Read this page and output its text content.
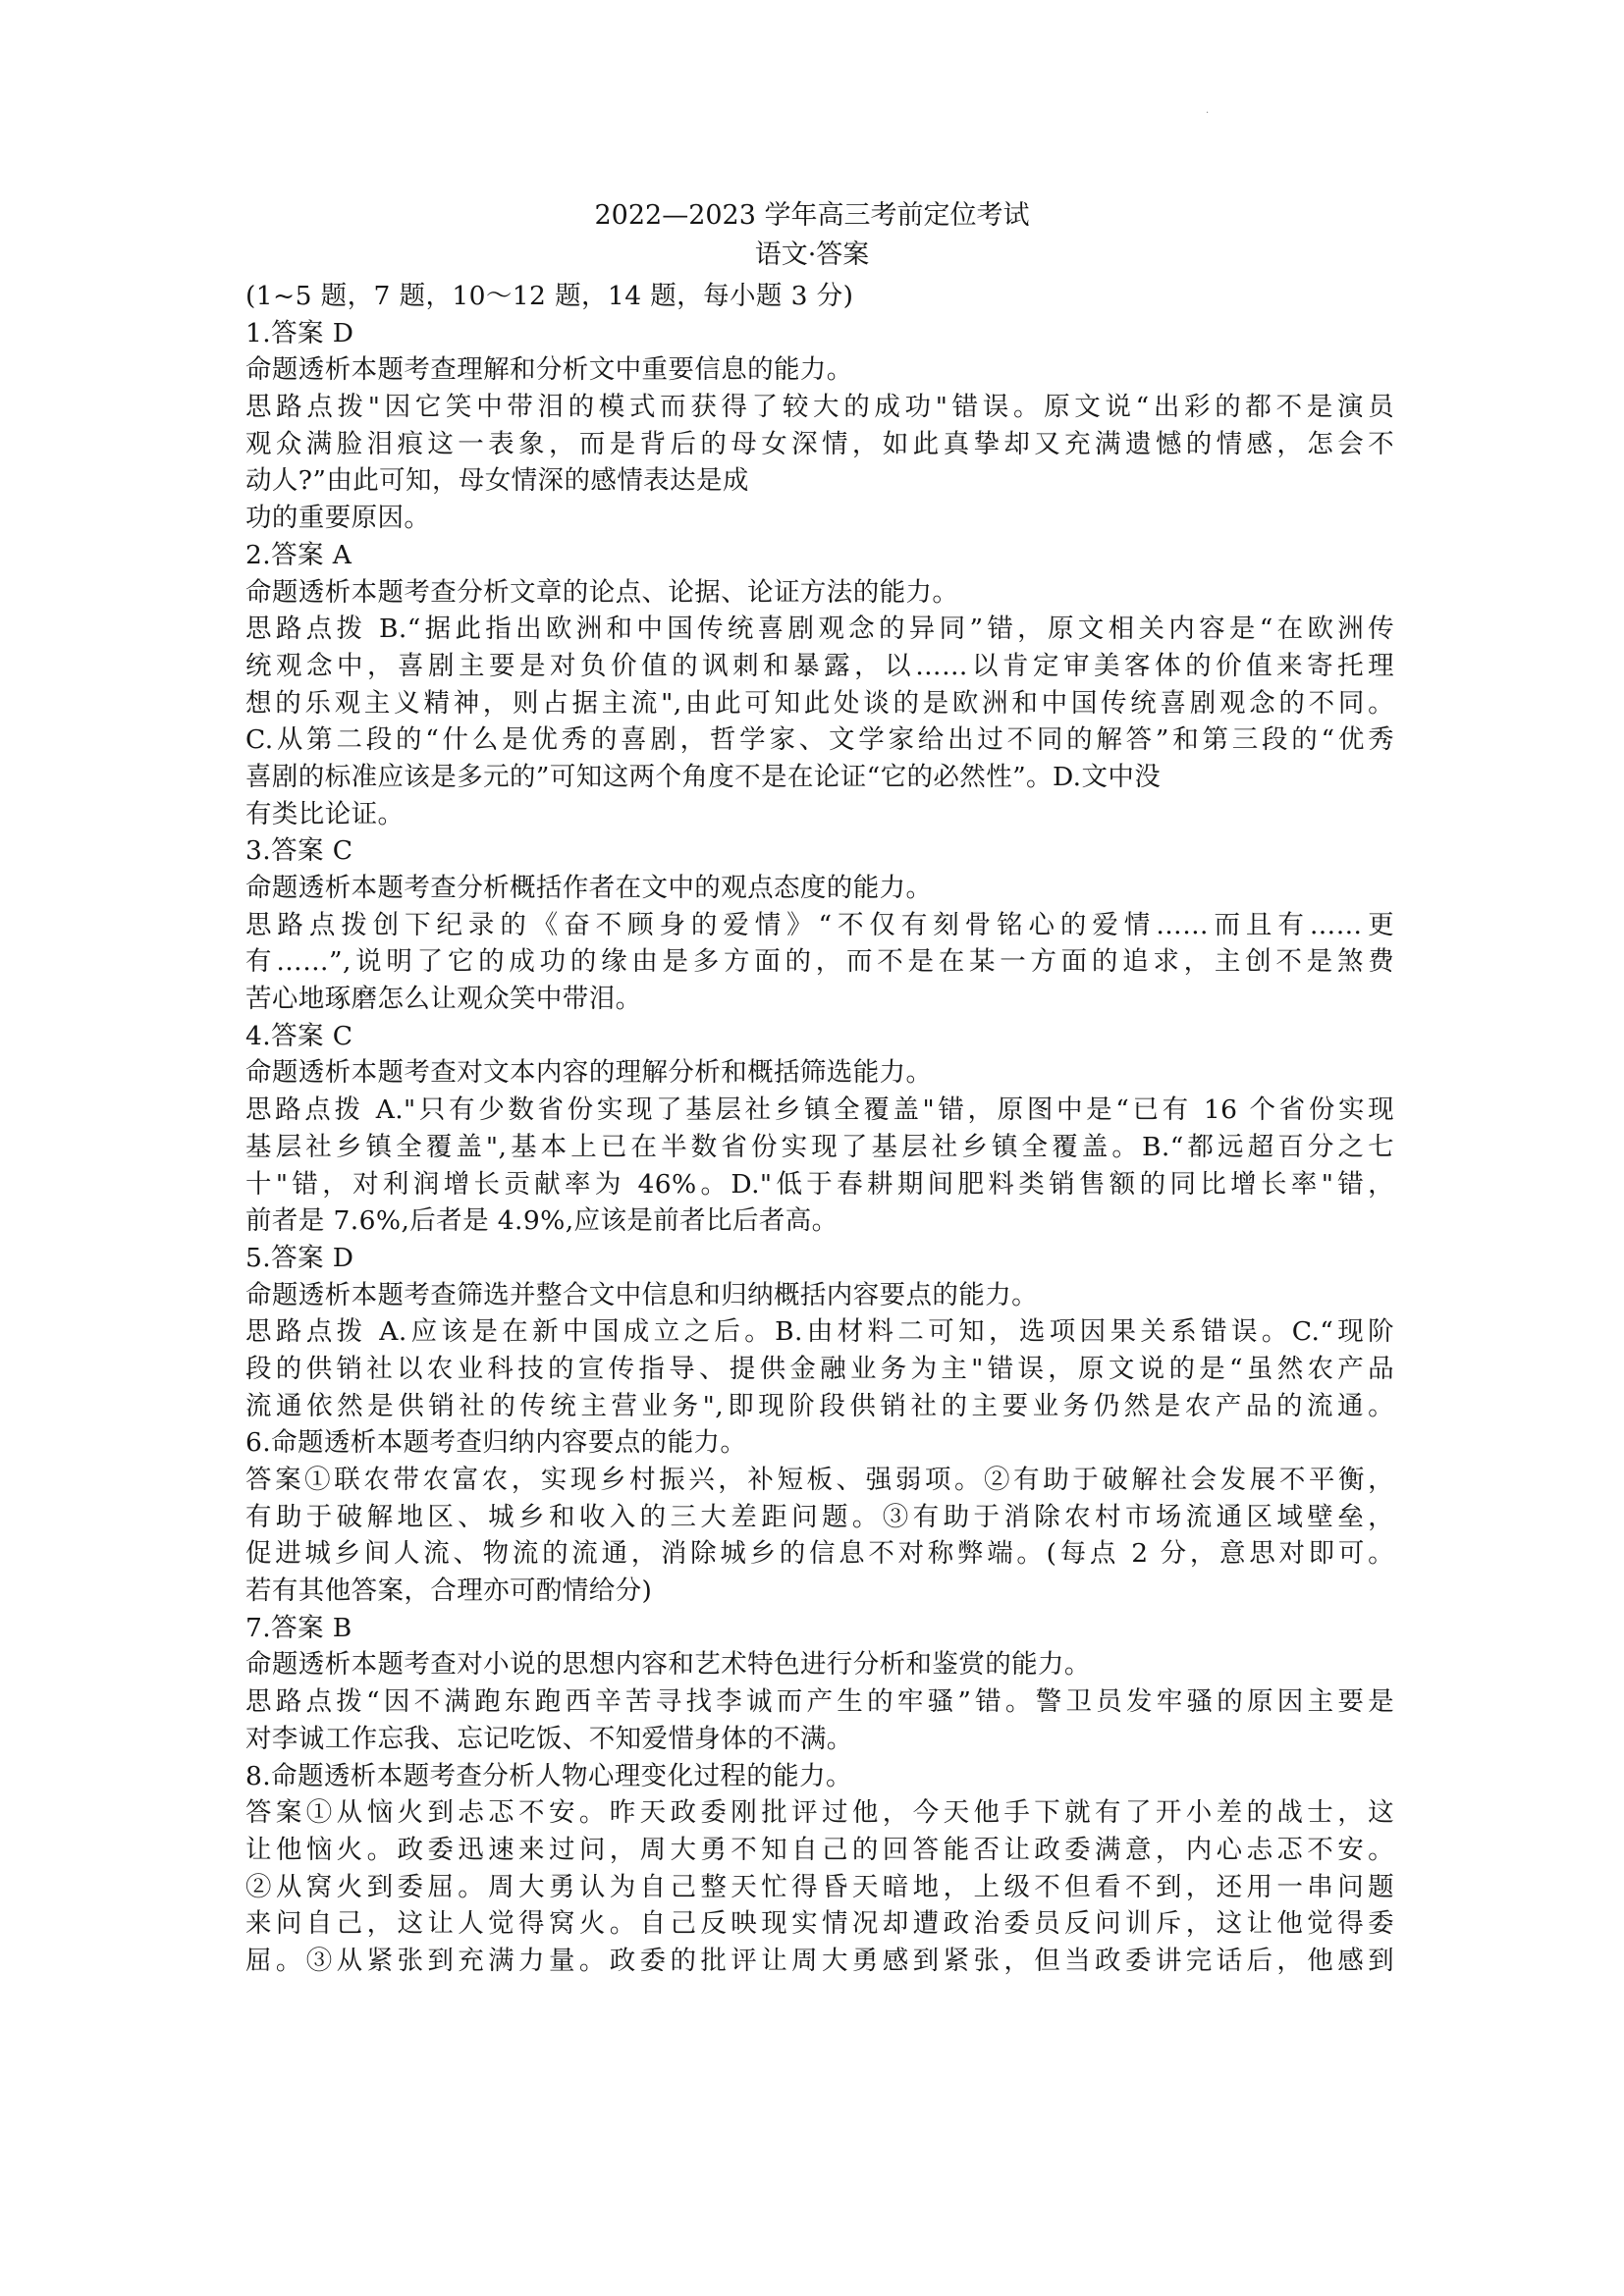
·
2022—2023 学年高三考前定位考试
语文·答案
(1~5 题，7 题，10～12 题，14 题，每小题 3 分)
1.答案 D
命题透析本题考查理解和分析文中重要信息的能力。
思路点拨"因它笑中带泪的模式而获得了较大的成功"错误。原文说“出彩的都不是演员
观众满脸泪痕这一表象，而是背后的母女深情，如此真挚却又充满遗憾的情感，怎会不
动人?”由此可知，母女情深的感情表达是成
功的重要原因。
2.答案 A
命题透析本题考查分析文章的论点、论据、论证方法的能力。
思路点拨 B.“据此指出欧洲和中国传统喜剧观念的异同”错，原文相关内容是“在欧洲传
统观念中，喜剧主要是对负价值的讽刺和暴露，以……以肯定审美客体的价值来寄托理
想的乐观主义精神，则占据主流",由此可知此处谈的是欧洲和中国传统喜剧观念的不同。
C.从第二段的“什么是优秀的喜剧，哲学家、文学家给出过不同的解答”和第三段的“优秀
喜剧的标准应该是多元的”可知这两个角度不是在论证“它的必然性”。D.文中没
有类比论证。
3.答案 C
命题透析本题考查分析概括作者在文中的观点态度的能力。
思路点拨创下纪录的《奋不顾身的爱情》“不仅有刻骨铭心的爱情……而且有……更
有……”,说明了它的成功的缘由是多方面的，而不是在某一方面的追求，主创不是煞费
苦心地琢磨怎么让观众笑中带泪。
4.答案 C
命题透析本题考查对文本内容的理解分析和概括筛选能力。
思路点拨 A."只有少数省份实现了基层社乡镇全覆盖"错，原图中是“已有 16 个省份实现
基层社乡镇全覆盖",基本上已在半数省份实现了基层社乡镇全覆盖。B.“都远超百分之七
十"错，对利润增长贡献率为 46%。D."低于春耕期间肥料类销售额的同比增长率"错，
前者是 7.6%,后者是 4.9%,应该是前者比后者高。
5.答案 D
命题透析本题考查筛选并整合文中信息和归纳概括内容要点的能力。
思路点拨 A.应该是在新中国成立之后。B.由材料二可知，选项因果关系错误。C.“现阶
段的供销社以农业科技的宣传指导、提供金融业务为主"错误，原文说的是“虽然农产品
流通依然是供销社的传统主营业务",即现阶段供销社的主要业务仍然是农产品的流通。
6.命题透析本题考查归纳内容要点的能力。
答案①联农带农富农，实现乡村振兴，补短板、强弱项。②有助于破解社会发展不平衡，
有助于破解地区、城乡和收入的三大差距问题。③有助于消除农村市场流通区域壁垒，
促进城乡间人流、物流的流通，消除城乡的信息不对称弊端。(每点 2 分，意思对即可。
若有其他答案，合理亦可酌情给分)
7.答案 B
命题透析本题考查对小说的思想内容和艺术特色进行分析和鉴赏的能力。
思路点拨“因不满跑东跑西辛苦寻找李诚而产生的牢骚”错。警卫员发牢骚的原因主要是
对李诚工作忘我、忘记吃饭、不知爱惜身体的不满。
8.命题透析本题考查分析人物心理变化过程的能力。
答案①从恼火到忐忑不安。昨天政委刚批评过他，今天他手下就有了开小差的战士，这
让他恼火。政委迅速来过问，周大勇不知自己的回答能否让政委满意，内心忐忑不安。
②从窝火到委屈。周大勇认为自己整天忙得昏天暗地，上级不但看不到，还用一串问题
来问自己，这让人觉得窝火。自己反映现实情况却遭政治委员反问训斥，这让他觉得委
屈。③从紧张到充满力量。政委的批评让周大勇感到紧张，但当政委讲完话后，他感到
